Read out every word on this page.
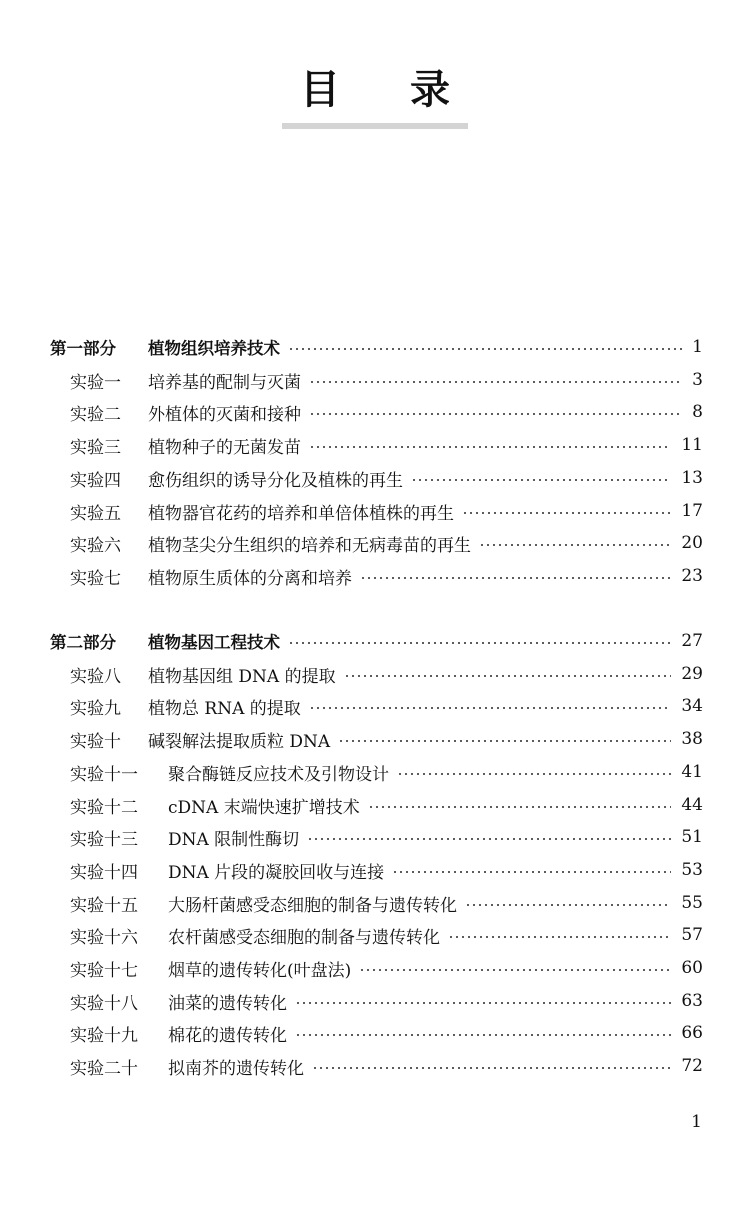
目录
第一部分 植物组织培养技术	1
实验一 培养基的配制与灭菌	3
实验二 外植体的灭菌和接种	8
实验三 植物种子的无菌发苗	11
实验四 愈伤组织的诱导分化及植株的再生	13
实验五 植物器官花药的培养和单倍体植株的再生	17
实验六 植物茎尖分生组织的培养和无病毒苗的再生	20
实验七 植物原生质体的分离和培养	23
第二部分 植物基因工程技术	27
实验八 植物基因组 DNA 的提取	29
实验九 植物总 RNA 的提取	34
实验十 碱裂解法提取质粒 DNA	38
实验十一 聚合酶链反应技术及引物设计	41
实验十二 cDNA 末端快速扩增技术	44
实验十三 DNA 限制性酶切	51
实验十四 DNA 片段的凝胶回收与连接	53
实验十五 大肠杆菌感受态细胞的制备与遗传转化	55
实验十六 农杆菌感受态细胞的制备与遗传转化	57
实验十七 烟草的遗传转化(叶盘法)	60
实验十八 油菜的遗传转化	63
实验十九 棉花的遗传转化	66
实验二十 拟南芥的遗传转化	72
1
